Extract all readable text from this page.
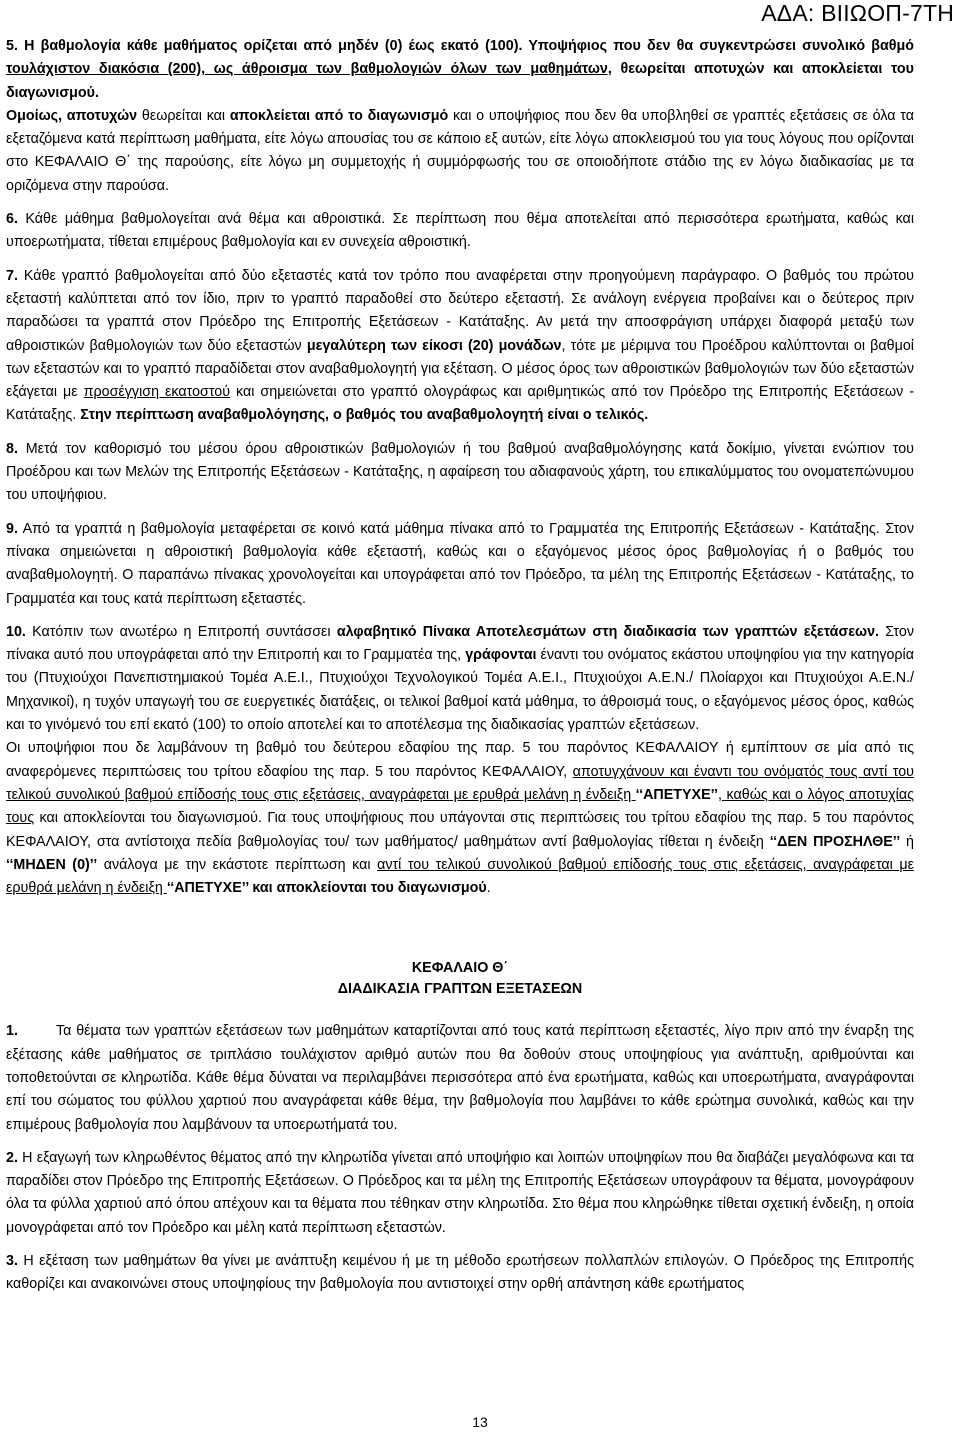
ΑΔΑ: ΒΙΙΩΟΠ-7ΤΗ

5. Η βαθμολογία κάθε μαθήματος ορίζεται από μηδέν (0) έως εκατό (100). Υποψήφιος που δεν θα συγκεντρώσει συνολικό βαθμό τουλάχιστον διακόσια (200), ως άθροισμα των βαθμολογιών όλων των μαθημάτων, θεωρείται αποτυχών και αποκλείεται του διαγωνισμού.

Ομοίως, αποτυχών θεωρείται και αποκλείεται από το διαγωνισμό και ο υποψήφιος που δεν θα υποβληθεί σε γραπτές εξετάσεις σε όλα τα εξεταζόμενα κατά περίπτωση μαθήματα, είτε λόγω απουσίας του σε κάποιο εξ αυτών, είτε λόγω αποκλεισμού του για τους λόγους που ορίζονται στο ΚΕΦΑΛΑΙΟ Θ΄ της παρούσης, είτε λόγω μη συμμετοχής ή συμμόρφωσής του σε οποιοδήποτε στάδιο της εν λόγω διαδικασίας με τα οριζόμενα στην παρούσα.

6. Κάθε μάθημα βαθμολογείται ανά θέμα και αθροιστικά. Σε περίπτωση που θέμα αποτελείται από περισσότερα ερωτήματα, καθώς και υποερωτήματα, τίθεται επιμέρους βαθμολογία και εν συνεχεία αθροιστική.

7. Κάθε γραπτό βαθμολογείται από δύο εξεταστές κατά τον τρόπο που αναφέρεται στην προηγούμενη παράγραφο. Ο βαθμός του πρώτου εξεταστή καλύπτεται από τον ίδιο, πριν το γραπτό παραδοθεί στο δεύτερο εξεταστή. Σε ανάλογη ενέργεια προβαίνει και ο δεύτερος πριν παραδώσει τα γραπτά στον Πρόεδρο της Επιτροπής Εξετάσεων - Κατάταξης. Αν μετά την αποσφράγιση υπάρχει διαφορά μεταξύ των αθροιστικών βαθμολογιών των δύο εξεταστών μεγαλύτερη των είκοσι (20) μονάδων, τότε με μέριμνα του Προέδρου καλύπτονται οι βαθμοί των εξεταστών και το γραπτό παραδίδεται στον αναβαθμολογητή για εξέταση. Ο μέσος όρος των αθροιστικών βαθμολογιών των δύο εξεταστών εξάγεται με προσέγγιση εκατοστού και σημειώνεται στο γραπτό ολογράφως και αριθμητικώς από τον Πρόεδρο της Επιτροπής Εξετάσεων - Κατάταξης. Στην περίπτωση αναβαθμολόγησης, ο βαθμός του αναβαθμολογητή είναι ο τελικός.

8. Μετά τον καθορισμό του μέσου όρου αθροιστικών βαθμολογιών ή του βαθμού αναβαθμολόγησης κατά δοκίμιο, γίνεται ενώπιον του Προέδρου και των Μελών της Επιτροπής Εξετάσεων - Κατάταξης, η αφαίρεση του αδιαφανούς χάρτη, του επικαλύμματος του ονοματεπώνυμου του υποψήφιου.

9. Από τα γραπτά η βαθμολογία μεταφέρεται σε κοινό κατά μάθημα πίνακα από τo Γραμματέα της Επιτροπής Εξετάσεων - Κατάταξης. Στον πίνακα σημειώνεται η αθροιστική βαθμολογία κάθε εξεταστή, καθώς και ο εξαγόμενος μέσος όρος βαθμολογίας ή ο βαθμός του αναβαθμολογητή. Ο παραπάνω πίνακας χρονολογείται και υπογράφεται από τον Πρόεδρο, τα μέλη της Επιτροπής Εξετάσεων - Κατάταξης, το Γραμματέα και τους κατά περίπτωση εξεταστές.

10. Κατόπιν των ανωτέρω η Επιτροπή συντάσσει αλφαβητικό Πίνακα Αποτελεσμάτων στη διαδικασία των γραπτών εξετάσεων. Στον πίνακα αυτό που υπογράφεται από την Επιτροπή και το Γραμματέα της, γράφονται έναντι του ονόματος εκάστου υποψηφίου για την κατηγορία του (Πτυχιούχοι Πανεπιστημιακού Τομέα Α.Ε.Ι., Πτυχιούχοι Τεχνολογικού Τομέα Α.Ε.Ι., Πτυχιούχοι Α.Ε.Ν./ Πλοίαρχοι και Πτυχιούχοι Α.Ε.Ν./ Μηχανικοί), η τυχόν υπαγωγή του σε ευεργετικές διατάξεις, οι τελικοί βαθμοί κατά μάθημα, το άθροισμά τους, ο εξαγόμενος μέσος όρος, καθώς και το γινόμενό του επί εκατό (100) το οποίο αποτελεί και το αποτέλεσμα της διαδικασίας γραπτών εξετάσεων.

Οι υποψήφιοι που δε λαμβάνουν τη βαθμό του δεύτερου εδαφίου της παρ. 5 του παρόντος ΚΕΦΑΛΑΙΟΥ ή εμπίπτουν σε μία από τις αναφερόμενες περιπτώσεις του τρίτου εδαφίου της παρ. 5 του παρόντος ΚΕΦΑΛΑΙΟΥ, αποτυγχάνουν και έναντι του ονόματός τους αντί του τελικού συνολικού βαθμού επίδοσής τους στις εξετάσεις, αναγράφεται με ερυθρά μελάνη η ένδειξη ‘‘ΑΠΕΤΥΧΕ’’, καθώς και ο λόγος αποτυχίας τους και αποκλείονται του διαγωνισμού. Για τους υποψήφιους που υπάγονται στις περιπτώσεις του τρίτου εδαφίου της παρ. 5 του παρόντος ΚΕΦΑΛΑΙΟΥ, στα αντίστοιχα πεδία βαθμολογίας του/ των μαθήματος/ μαθημάτων αντί βαθμολογίας τίθεται η ένδειξη ‘‘ΔΕΝ ΠΡΟΣΗΛΘΕ’’ ή ‘‘ΜΗΔΕΝ (0)’’ ανάλογα με την εκάστοτε περίπτωση και αντί του τελικού συνολικού βαθμού επίδοσής τους στις εξετάσεις, αναγράφεται με ερυθρά μελάνη η ένδειξη ‘‘ΑΠΕΤΥΧΕ’’ και αποκλείονται του διαγωνισμού.

ΚΕΦΑΛΑΙΟ Θ΄

ΔΙΑΔΙΚΑΣΙΑ ΓΡΑΠΤΩΝ ΕΞΕΤΑΣΕΩΝ

1.	Τα θέματα των γραπτών εξετάσεων των μαθημάτων καταρτίζονται από τους κατά περίπτωση εξεταστές, λίγο πριν από την έναρξη της εξέτασης κάθε μαθήματος σε τριπλάσιο τουλάχιστον αριθμό αυτών που θα δοθούν στους υποψηφίους για ανάπτυξη, αριθμούνται και τοποθετούνται σε κληρωτίδα. Κάθε θέμα δύναται να περιλαμβάνει περισσότερα από ένα ερωτήματα, καθώς και υποερωτήματα, αναγράφονται επί του σώματος του φύλλου χαρτιού που αναγράφεται κάθε θέμα, την βαθμολογία που λαμβάνει το κάθε ερώτημα συνολικά, καθώς και την επιμέρους βαθμολογία που λαμβάνουν τα υποερωτήματά του.

2. Η εξαγωγή των κληρωθέντος θέματος από την κληρωτίδα γίνεται από υποψήφιο και λοιπών υποψηφίων που θα διαβάζει μεγαλόφωνα και τα παραδίδει στον Πρόεδρο της Επιτροπής Εξετάσεων. Ο Πρόεδρος και τα μέλη της Επιτροπής Εξετάσεων υπογράφουν τα θέματα, μονογράφουν όλα τα φύλλα χαρτιού από όπου απέχουν και τα θέματα που τέθηκαν στην κληρωτίδα. Στο θέμα που κληρώθηκε τίθεται σχετική ένδειξη, η οποία μονογράφεται από τον Πρόεδρο και μέλη κατά περίπτωση εξεταστών.

3. Η εξέταση των μαθημάτων θα γίνει με ανάπτυξη κειμένου ή με τη μέθοδο ερωτήσεων πολλαπλών επιλογών. Ο Πρόεδρος της Επιτροπής καθορίζει και ανακοινώνει στους υποψηφίους την βαθμολογία που αντιστοιχεί στην ορθή απάντηση κάθε ερωτήματος

13
